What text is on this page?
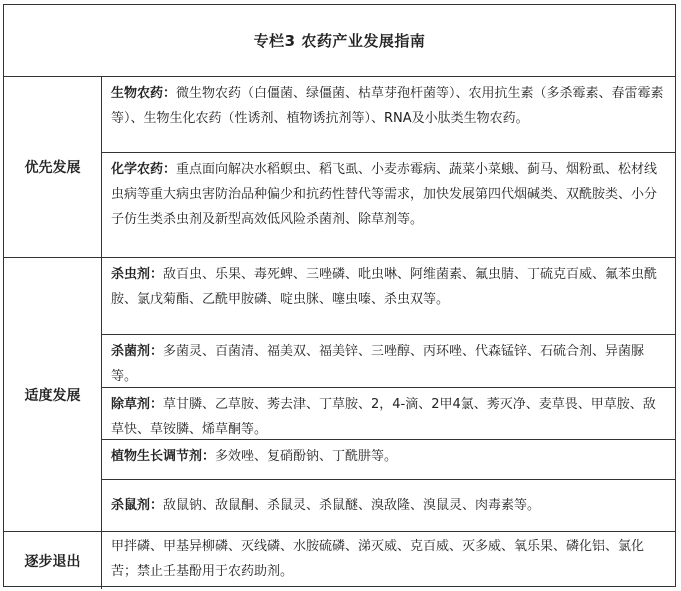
专栏3 农药产业发展指南
优先发展
生物农药：微生物农药（白僵菌、绿僵菌、枯草芽孢杆菌等）、农用抗生素（多杀霉素、春雷霉素等）、生物生化农药（性诱剂、植物诱抗剂等）、RNA及小肽类生物农药。
化学农药：重点面向解决水稻螟虫、稻飞虱、小麦赤霉病、蔬菜小菜蛾、蓟马、烟粉虱、松材线虫病等重大病虫害防治品种偏少和抗药性替代等需求，加快发展第四代烟碱类、双酰胺类、小分子仿生类杀虫剂及新型高效低风险杀菌剂、除草剂等。
适度发展
杀虫剂：敌百虫、乐果、毒死蜱、三唑磷、吡虫啉、阿维菌素、氟虫腈、丁硫克百威、氟苯虫酰胺、氯戊菊酯、乙酰甲胺磷、啶虫脒、噻虫嗪、杀虫双等。
杀菌剂：多菌灵、百菌清、福美双、福美锌、三唑醇、丙环唑、代森锰锌、石硫合剂、异菌脲等。
除草剂：草甘膦、乙草胺、莠去津、丁草胺、2，4-滴、2甲4氯、莠灭净、麦草畏、甲草胺、敌草快、草铵膦、烯草酮等。
植物生长调节剂：多效唑、复硝酚钠、丁酰肼等。
杀鼠剂：敌鼠钠、敌鼠酮、杀鼠灵、杀鼠醚、溴敌隆、溴鼠灵、肉毒素等。
逐步退出
甲拌磷、甲基异柳磷、灭线磷、水胺硫磷、涕灭威、克百威、灭多威、氧乐果、磷化铝、氯化苦；禁止壬基酚用于农药助剂。
